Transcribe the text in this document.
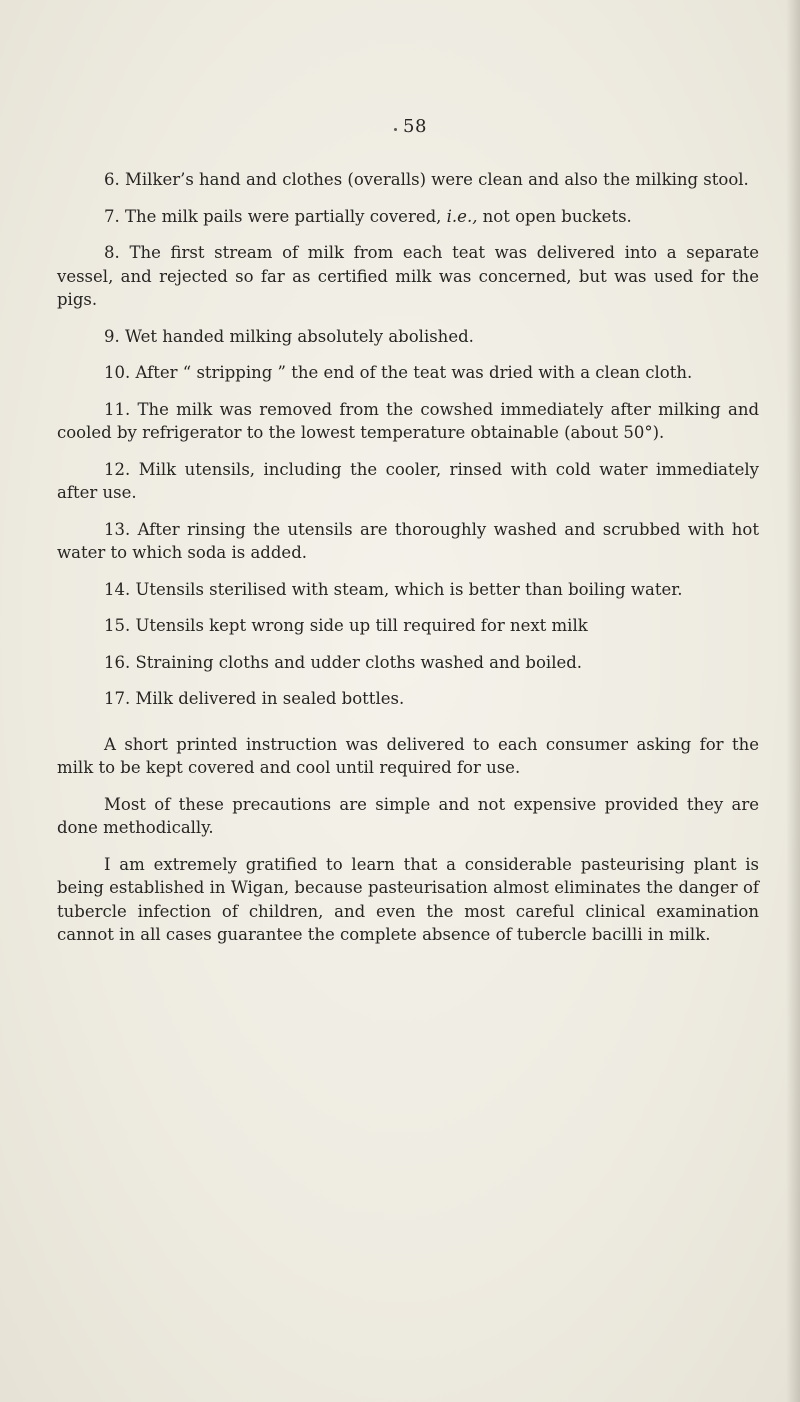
58

6. Milker’s hand and clothes (overalls) were clean and also the milking stool.

7. The milk pails were partially covered, i.e., not open buckets.

8. The first stream of milk from each teat was delivered into a separate vessel, and rejected so far as certified milk was concerned, but was used for the pigs.

9. Wet handed milking absolutely abolished.

10. After “ stripping ” the end of the teat was dried with a clean cloth.

11. The milk was removed from the cowshed immediately after milking and cooled by refrigerator to the lowest temperature obtainable (about 50°).

12. Milk utensils, including the cooler, rinsed with cold water immediately after use.

13. After rinsing the utensils are thoroughly washed and scrubbed with hot water to which soda is added.

14. Utensils sterilised with steam, which is better than boiling water.

15. Utensils kept wrong side up till required for next milk

16. Straining cloths and udder cloths washed and boiled.

17. Milk delivered in sealed bottles.

A short printed instruction was delivered to each consumer asking for the milk to be kept covered and cool until required for use.

Most of these precautions are simple and not expensive provided they are done methodically.

I am extremely gratified to learn that a considerable pasteurising plant is being established in Wigan, because pasteurisation almost eliminates the danger of tubercle infection of children, and even the most careful clinical examination cannot in all cases guarantee the complete absence of tubercle bacilli in milk.
